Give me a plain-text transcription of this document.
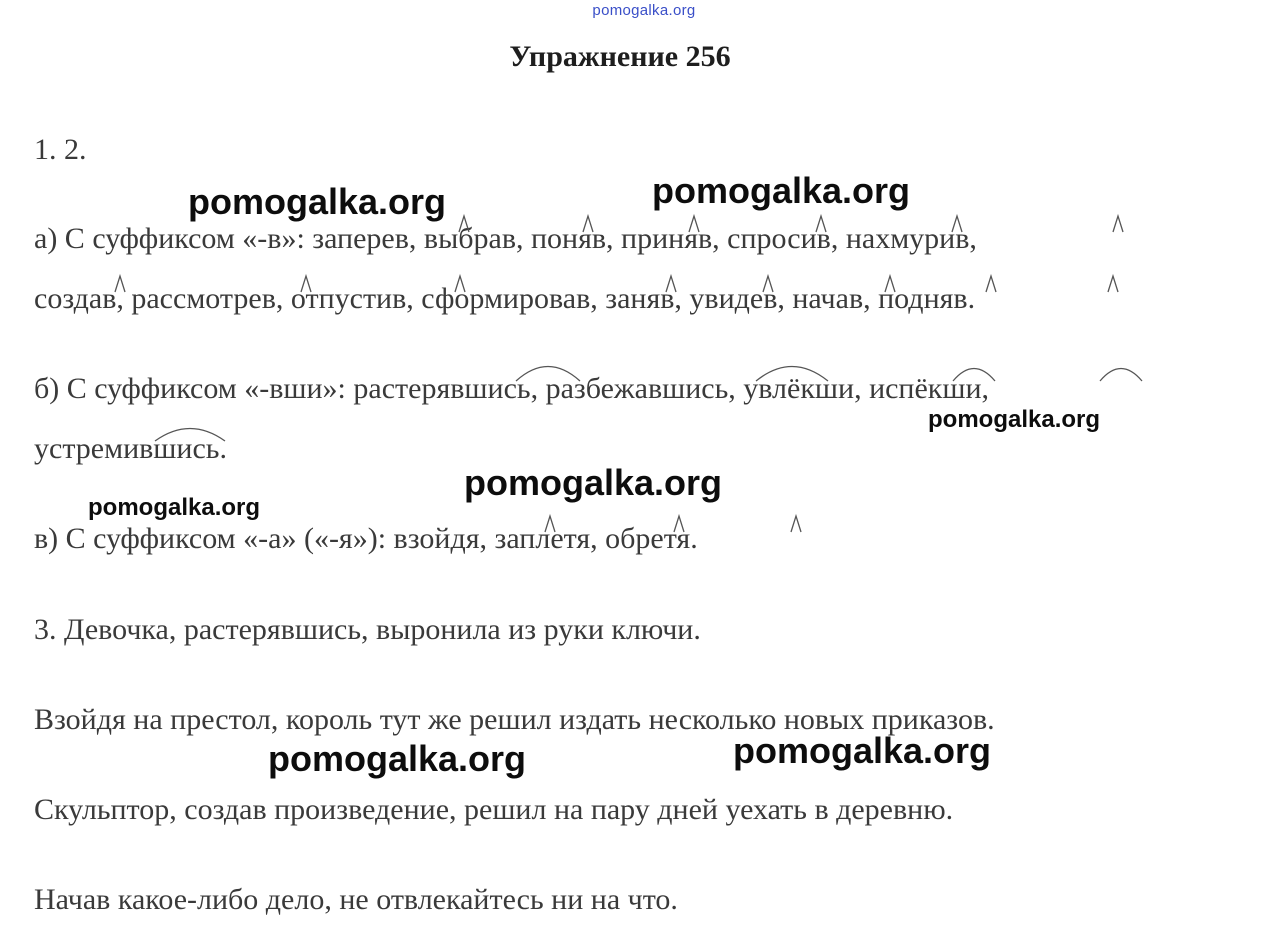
pomogalka.org
Упражнение 256
1. 2.
а) С суффиксом «-в»: заперев, выбрав, поняв, приняв, спросив, нахмурив,
создав, рассмотрев, отпустив, сформировав, заняв, увидев, начав, подняв.
б) С суффиксом «-вши»: растерявшись, разбежавшись, увлёкши, испёкши,
устремившись.
в) С суффиксом «-а» («-я»): взойдя, заплетя, обретя.
3. Девочка, растерявшись, выронила из руки ключи.
Взойдя на престол, король тут же решил издать несколько новых приказов.
Скульптор, создав произведение, решил на пару дней уехать в деревню.
Начав какое-либо дело, не отвлекайтесь ни на что.
pomogalka.org	pomogalka.org
pomogalka.org
pomogalka.org
pomogalka.org
pomogalka.org	pomogalka.org
